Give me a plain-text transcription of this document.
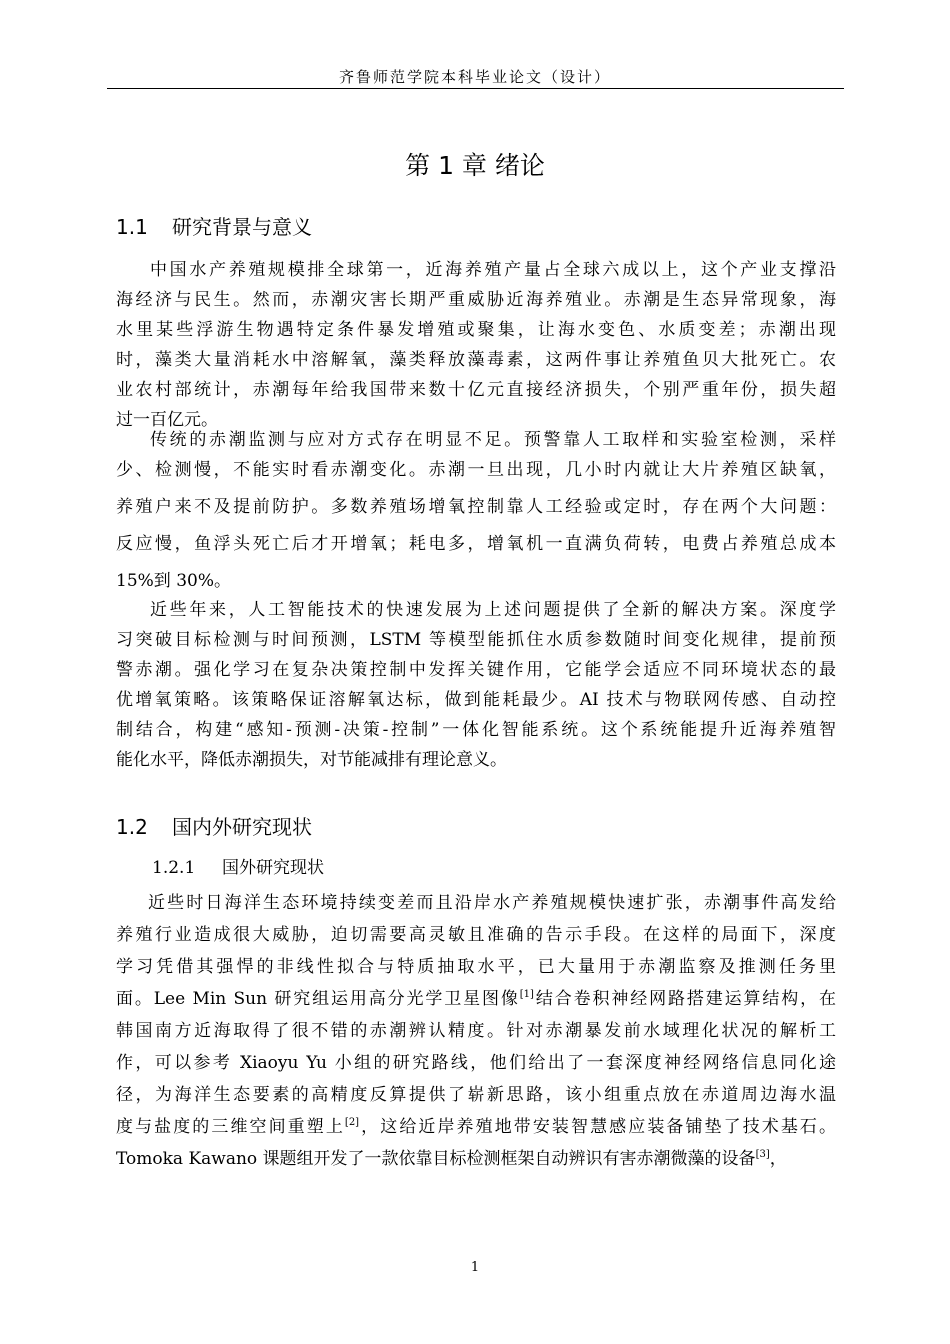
齐鲁师范学院本科毕业论文（设计）
第 1 章 绪论
1.1 研究背景与意义
中国水产养殖规模排全球第一，近海养殖产量占全球六成以上，这个产业支撑沿
海经济与民生。然而，赤潮灾害长期严重威胁近海养殖业。赤潮是生态异常现象，海
水里某些浮游生物遇特定条件暴发增殖或聚集，让海水变色、水质变差；赤潮出现
时，藻类大量消耗水中溶解氧，藻类释放藻毒素，这两件事让养殖鱼贝大批死亡。农
业农村部统计，赤潮每年给我国带来数十亿元直接经济损失，个别严重年份，损失超
过一百亿元。
传统的赤潮监测与应对方式存在明显不足。预警靠人工取样和实验室检测，采样
少、检测慢，不能实时看赤潮变化。赤潮一旦出现，几小时内就让大片养殖区缺氧，
养殖户来不及提前防护。多数养殖场增氧控制靠人工经验或定时，存在两个大问题：
反应慢，鱼浮头死亡后才开增氧；耗电多，增氧机一直满负荷转，电费占养殖总成本
15%到 30%。
近些年来，人工智能技术的快速发展为上述问题提供了全新的解决方案。深度学
习突破目标检测与时间预测，LSTM 等模型能抓住水质参数随时间变化规律，提前预
警赤潮。强化学习在复杂决策控制中发挥关键作用，它能学会适应不同环境状态的最
优增氧策略。该策略保证溶解氧达标，做到能耗最少。AI 技术与物联网传感、自动控
制结合，构建“感知-预测-决策-控制”一体化智能系统。这个系统能提升近海养殖智
能化水平，降低赤潮损失，对节能减排有理论意义。
1.2 国内外研究现状
1.2.1 国外研究现状
近些时日海洋生态环境持续变差而且沿岸水产养殖规模快速扩张，赤潮事件高发给
养殖行业造成很大威胁，迫切需要高灵敏且准确的告示手段。在这样的局面下，深度
学习凭借其强悍的非线性拟合与特质抽取水平，已大量用于赤潮监察及推测任务里
面。Lee Min Sun 研究组运用高分光学卫星图像[1]结合卷积神经网路搭建运算结构，在
韩国南方近海取得了很不错的赤潮辨认精度。针对赤潮暴发前水域理化状况的解析工
作，可以参考 Xiaoyu Yu 小组的研究路线，他们给出了一套深度神经网络信息同化途
径，为海洋生态要素的高精度反算提供了崭新思路，该小组重点放在赤道周边海水温
度与盐度的三维空间重塑上[2]，这给近岸养殖地带安装智慧感应装备铺垫了技术基石。
Tomoka Kawano 课题组开发了一款依靠目标检测框架自动辨识有害赤潮微藻的设备[3]，
1
